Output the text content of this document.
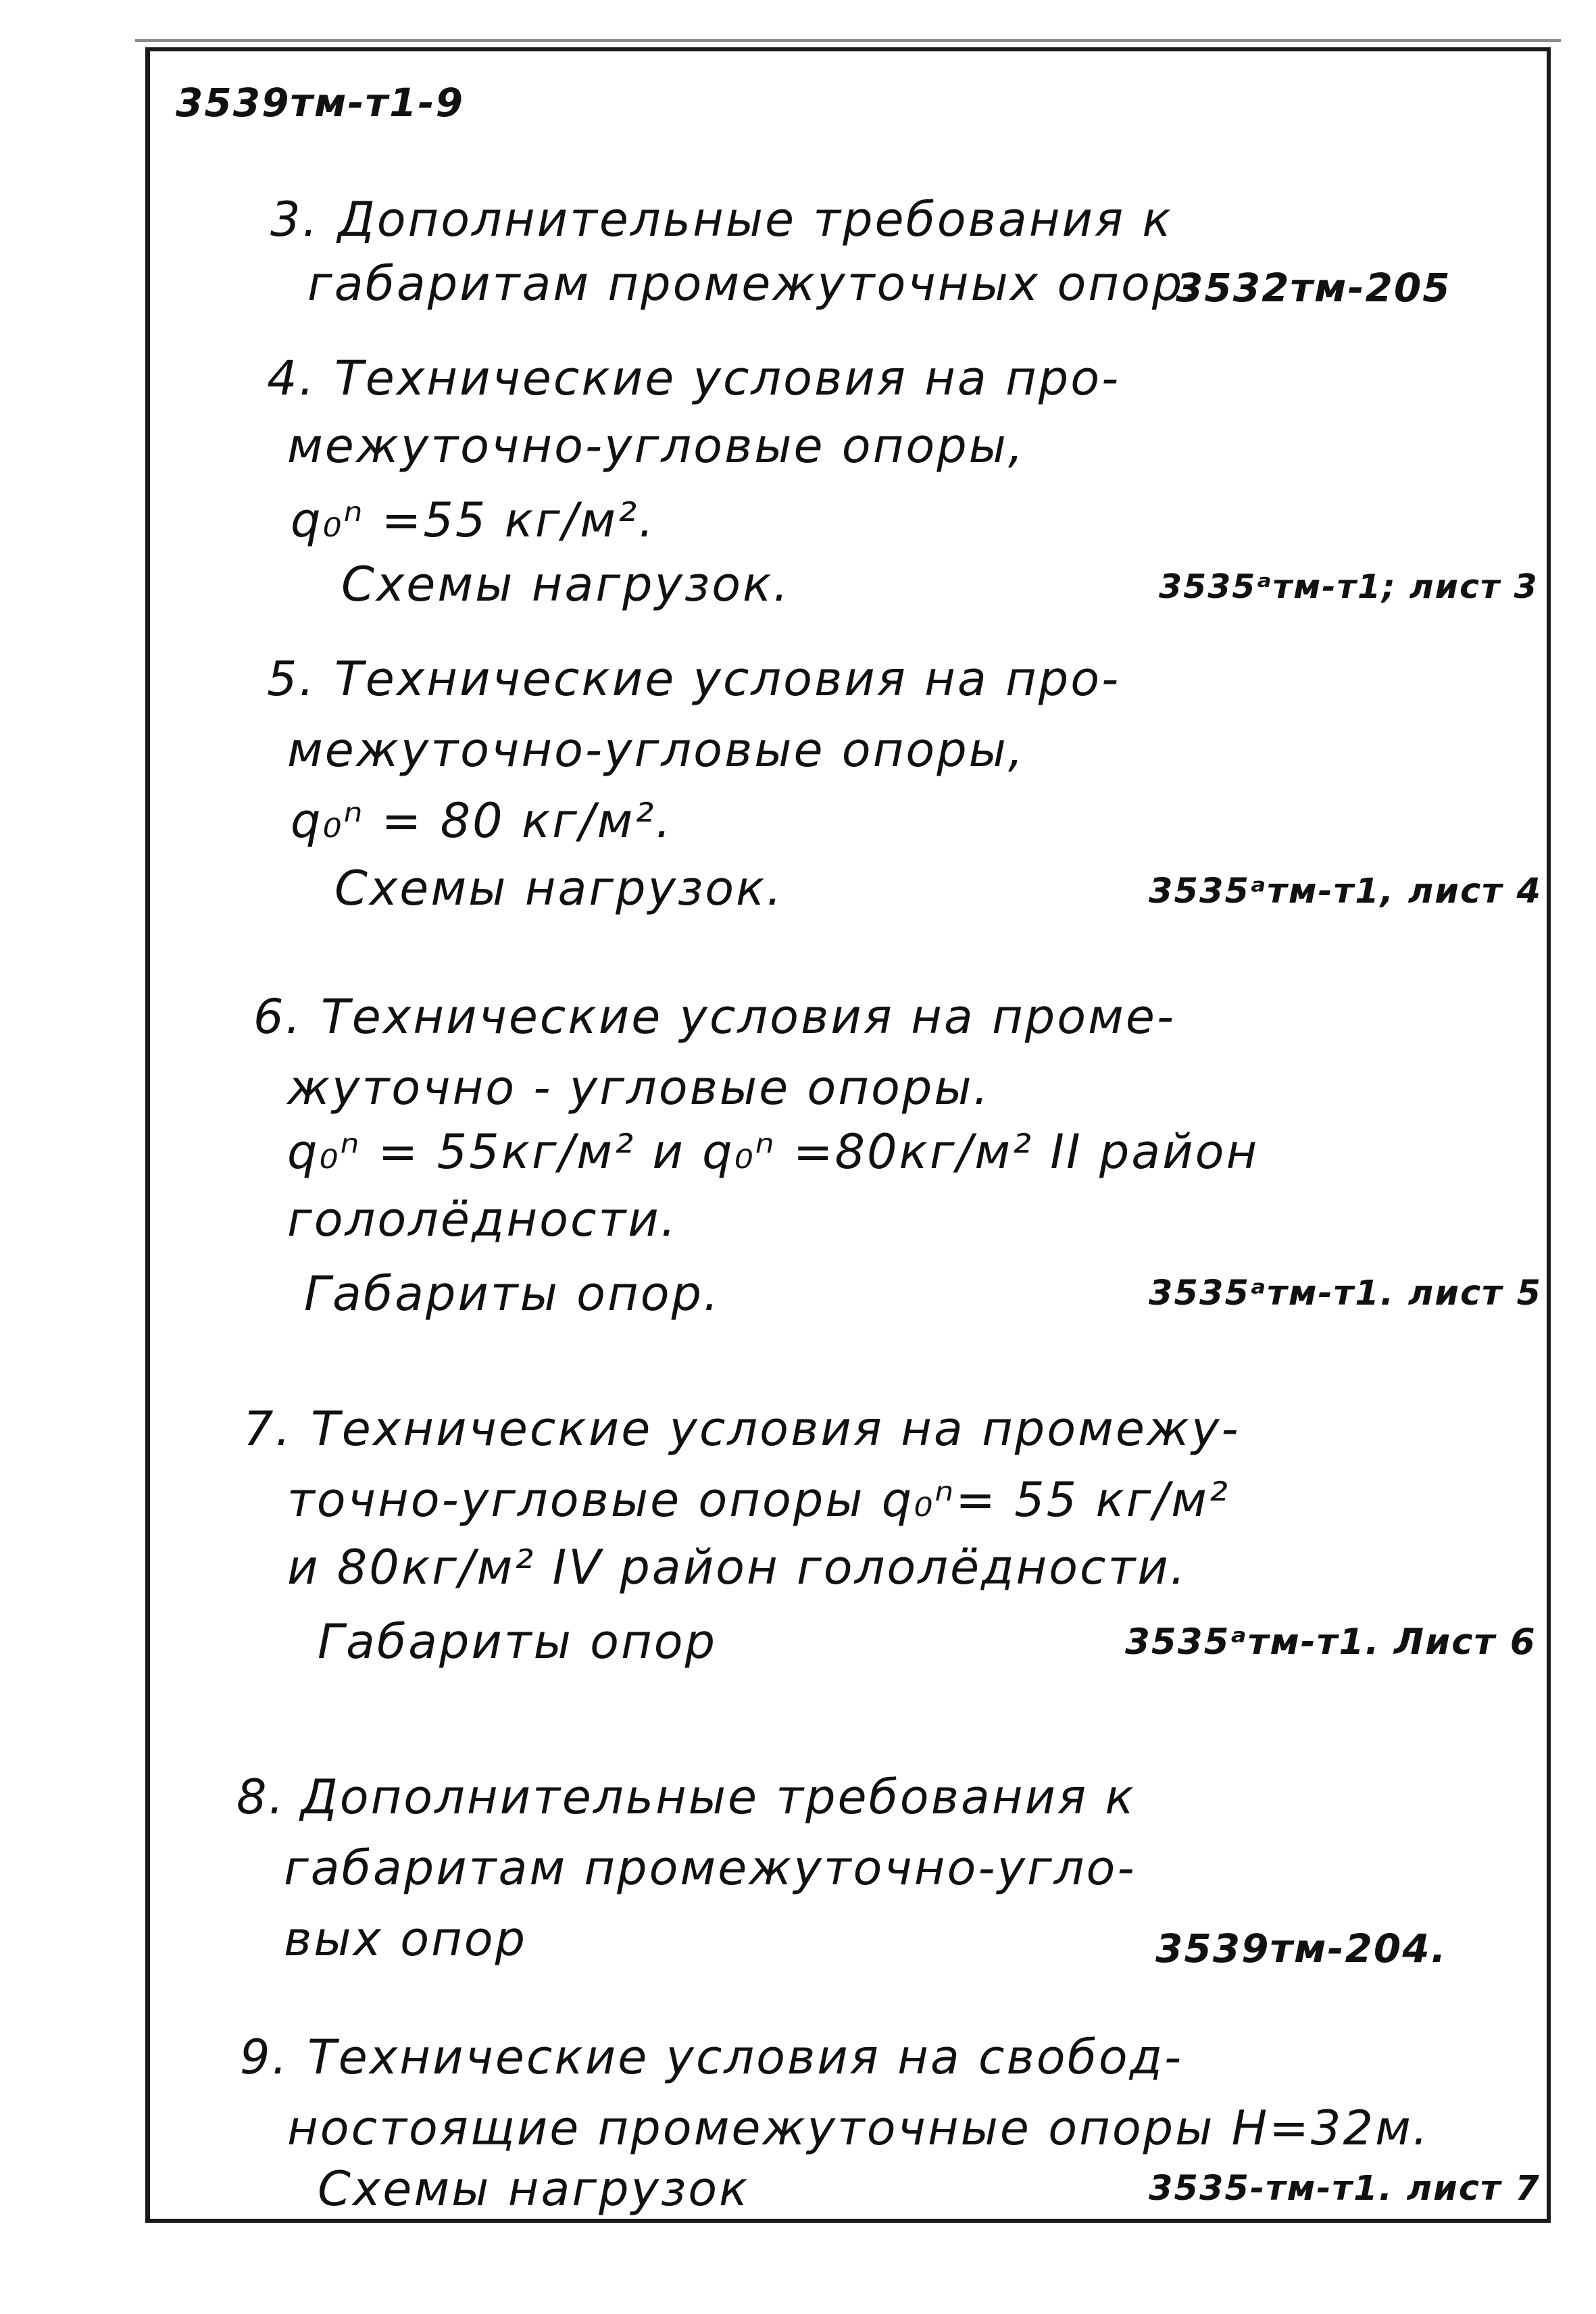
3539тм-т1-9
3. Дополнительные требования к
габаритам промежуточных опор.
3532тм-205
4. Технические условия на про-
межуточно-угловые опоры,
q₀ⁿ =55 кг/м².
Схемы нагрузок.	3535ᵃтм-т1; лист 3
5. Технические условия на про-
межуточно-угловые опоры,
q₀ⁿ = 80 кг/м².
Схемы нагрузок.	3535ᵃтм-т1, лист 4
6. Технические условия на проме-
жуточно - угловые опоры.
q₀ⁿ = 55кг/м² и q₀ⁿ =80кг/м² II район
гололёдности.
Габариты опор.	3535ᵃтм-т1. лист 5
7. Технические условия на промежу-
точно-угловые опоры q₀ⁿ= 55 кг/м²
и 80кг/м² IV район гололёдности.
Габариты опор	3535ᵃтм-т1. Лист 6
8. Дополнительные требования к
габаритам промежуточно-угло-
вых опор	3539тм-204.
9. Технические условия на свобод-
ностоящие промежуточные опоры Н=32м.
Схемы нагрузок	3535-тм-т1. лист 7
